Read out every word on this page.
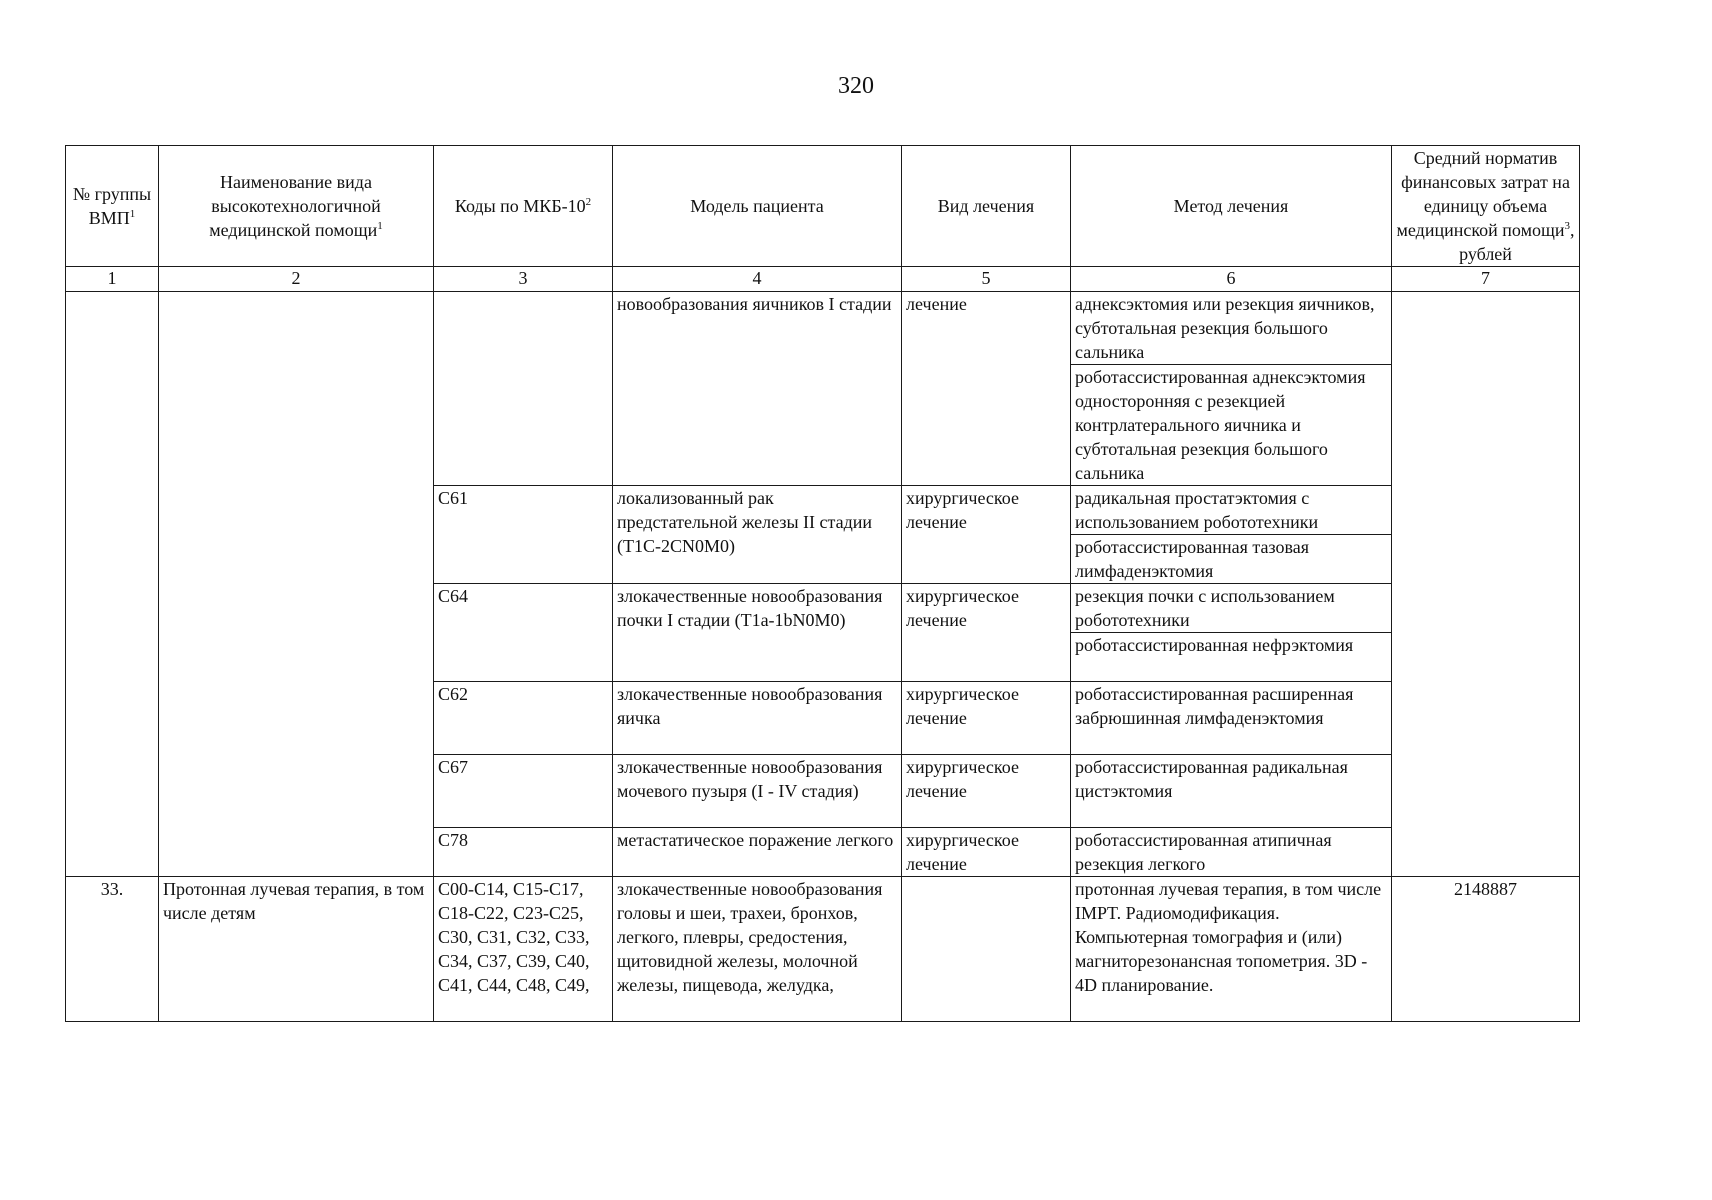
320
№ группы ВМП$^1$	Наименование вида высокотехнологичной медицинской помощи$^1$	Коды по МКБ-$10^2$	Модель пациента	Вид лечения	Метод лечения	Средний норматив финансовых затрат на единицу объема медицинской помощи$^3$, рублей
1	2	3	4	5	6	7
			новообразования яичников I стадии	лечение	аднексэктомия или резекция яичников, субтотальная резекция большого сальника	
					роботассистированная аднексэктомия односторонняя с резекцией контрлатерального яичника и субтотальная резекция большого сальника	
		C61	локализованный рак предстательной железы II стадии (T1C-2CN0M0)	хирургическое лечение	радикальная простатэктомия с использованием робототехники	
					роботассистированная тазовая лимфаденэктомия	
		C64	злокачественные новообразования почки I стадии (T1a-1bN0M0)	хирургическое лечение	резекция почки с использованием робототехники	
					роботассистированная нефрэктомия	
		C62	злокачественные новообразования яичка	хирургическое лечение	роботассистированная расширенная забрюшинная лимфаденэктомия	
		C67	злокачественные новообразования мочевого пузыря (I - IV стадия)	хирургическое лечение	роботассистированная радикальная цистэктомия	
		C78	метастатическое поражение легкого	хирургическое лечение	роботассистированная атипичная резекция легкого	
33.	Протонная лучевая терапия, в том числе детям	C00-C14, C15-C17, C18-C22, C23-C25, C30, C31, C32, C33, C34, C37, C39, C40, C41, C44, C48, C49,	злокачественные новообразования головы и шеи, трахеи, бронхов, легкого, плевры, средостения, щитовидной железы, молочной железы, пищевода, желудка,		протонная лучевая терапия, в том числе IMPT. Радиомодификация. Компьютерная томография и (или) магниторезонансная топометрия. 3D - 4D планирование.	2148887
